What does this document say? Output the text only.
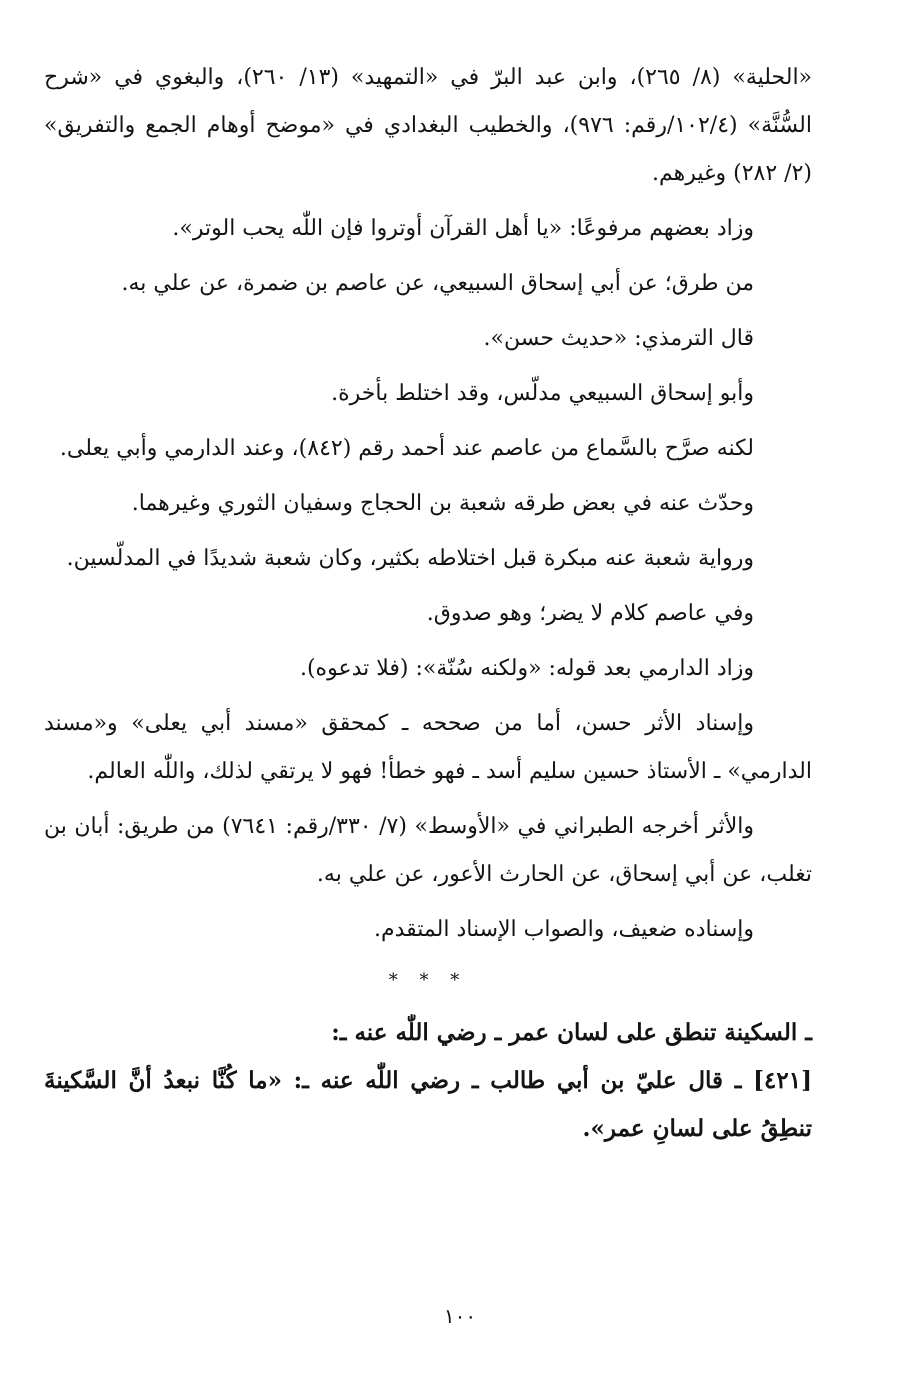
«الحلية» (٨/ ٢٦٥)، وابن عبد البرّ في «التمهيد» (١٣/ ٢٦٠)، والبغوي في «شرح السُّنَّة» (١٠٢/٤/رقم: ٩٧٦)، والخطيب البغدادي في «موضح أوهام الجمع والتفريق» (٢/ ٢٨٢) وغيرهم.

وزاد بعضهم مرفوعًا: «يا أهل القرآن أوتروا فإن اللّٰه يحب الوتر».

من طرق؛ عن أبي إسحاق السبيعي، عن عاصم بن ضمرة، عن علي به.

قال الترمذي: «حديث حسن».

وأبو إسحاق السبيعي مدلّس، وقد اختلط بأخرة.

لكنه صرَّح بالسَّماع من عاصم عند أحمد رقم (٨٤٢)، وعند الدارمي وأبي يعلى.

وحدّث عنه في بعض طرقه شعبة بن الحجاج وسفيان الثوري وغيرهما.

ورواية شعبة عنه مبكرة قبل اختلاطه بكثير، وكان شعبة شديدًا في المدلّسين.

وفي عاصم كلام لا يضر؛ وهو صدوق.

وزاد الدارمي بعد قوله: «ولكنه سُنّة»: (فلا تدعوه).

وإسناد الأثر حسن، أما من صححه ـ كمحقق «مسند أبي يعلى» و«مسند الدارمي» ـ الأستاذ حسين سليم أسد ـ فهو خطأ! فهو لا يرتقي لذلك، واللّٰه العالم.

والأثر أخرجه الطبراني في «الأوسط» (٧/ ٣٣٠/رقم: ٧٦٤١) من طريق: أبان بن تغلب، عن أبي إسحاق، عن الحارث الأعور، عن علي به.

وإسناده ضعيف، والصواب الإسناد المتقدم.

* * *

ـ السكينة تنطق على لسان عمر ـ رضي اللّٰه عنه ـ:

[٤٢١] ـ قال عليّ بن أبي طالب ـ رضي اللّٰه عنه ـ: «ما كُنَّا نبعدُ أنَّ السَّكينةَ تنطِقُ على لسانِ عمر».

١٠٠
